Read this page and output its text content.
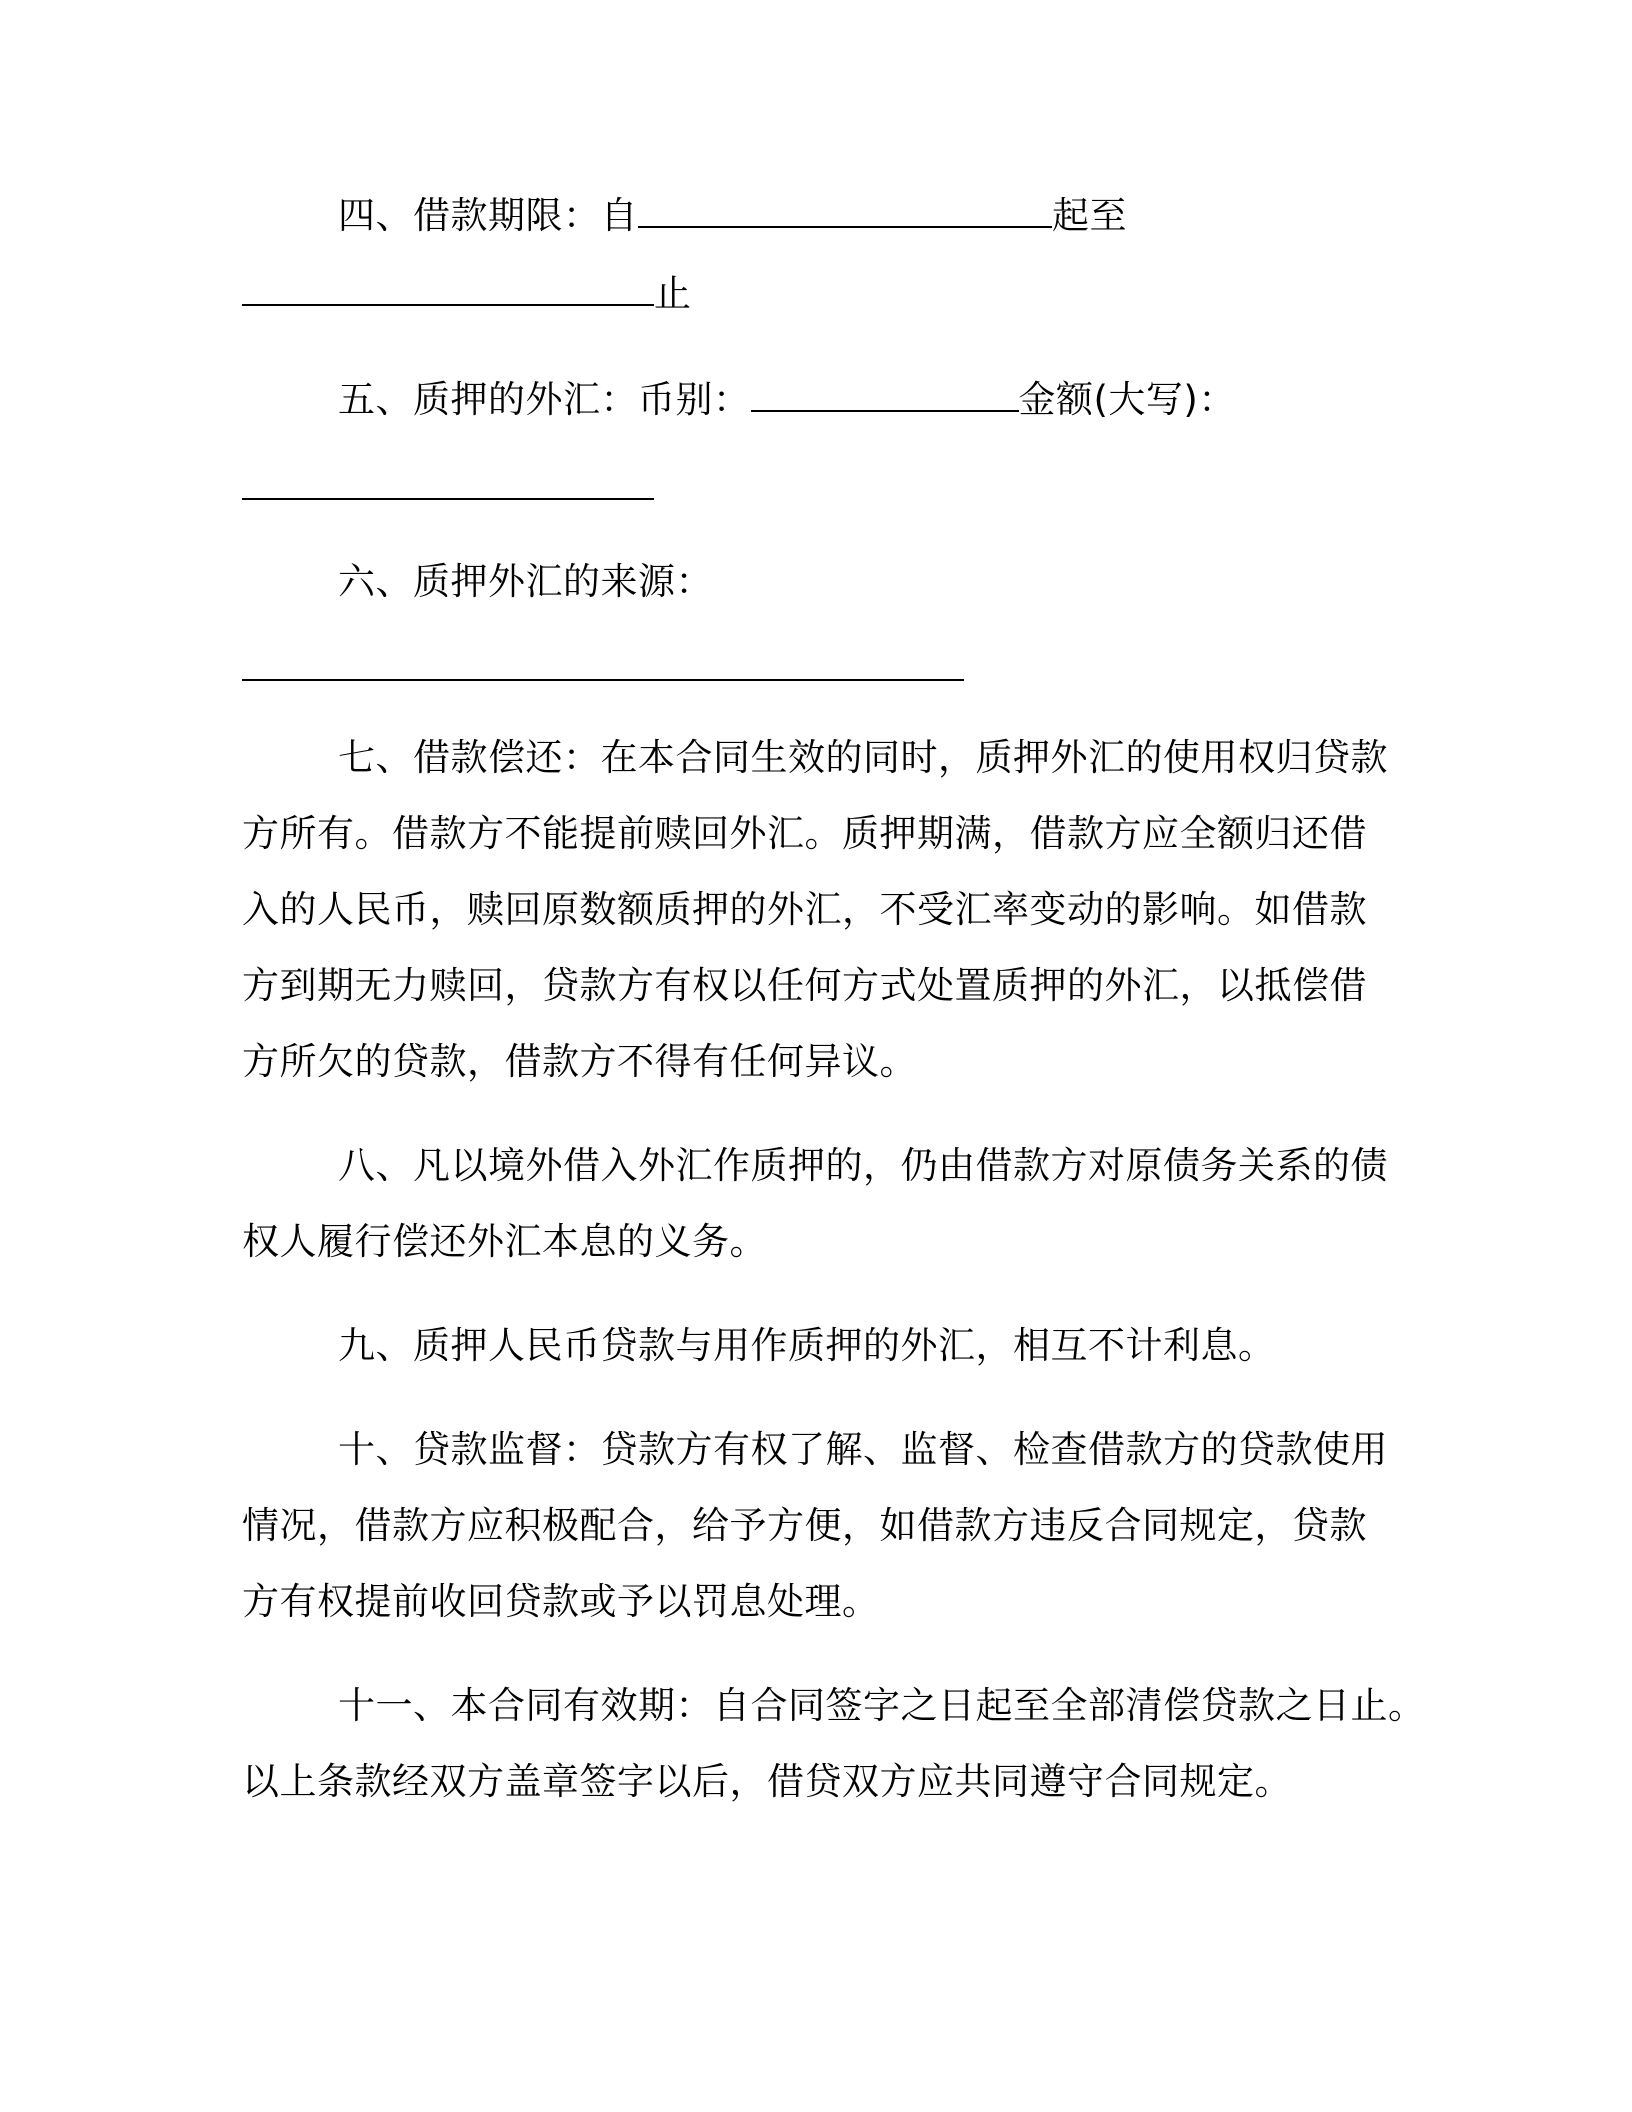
四、借款期限：自	起至
止
五、质押的外汇：币别：	金额(大写)：
六、质押外汇的来源：
七、借款偿还：在本合同生效的同时，质押外汇的使用权归贷款
方所有。借款方不能提前赎回外汇。质押期满，借款方应全额归还借
入的人民币，赎回原数额质押的外汇，不受汇率变动的影响。如借款
方到期无力赎回，贷款方有权以任何方式处置质押的外汇，以抵偿借
方所欠的贷款，借款方不得有任何异议。
八、凡以境外借入外汇作质押的，仍由借款方对原债务关系的债
权人履行偿还外汇本息的义务。
九、质押人民币贷款与用作质押的外汇，相互不计利息。
十、贷款监督：贷款方有权了解、监督、检查借款方的贷款使用
情况，借款方应积极配合，给予方便，如借款方违反合同规定，贷款
方有权提前收回贷款或予以罚息处理。
十一、本合同有效期：自合同签字之日起至全部清偿贷款之日止。
以上条款经双方盖章签字以后，借贷双方应共同遵守合同规定。
